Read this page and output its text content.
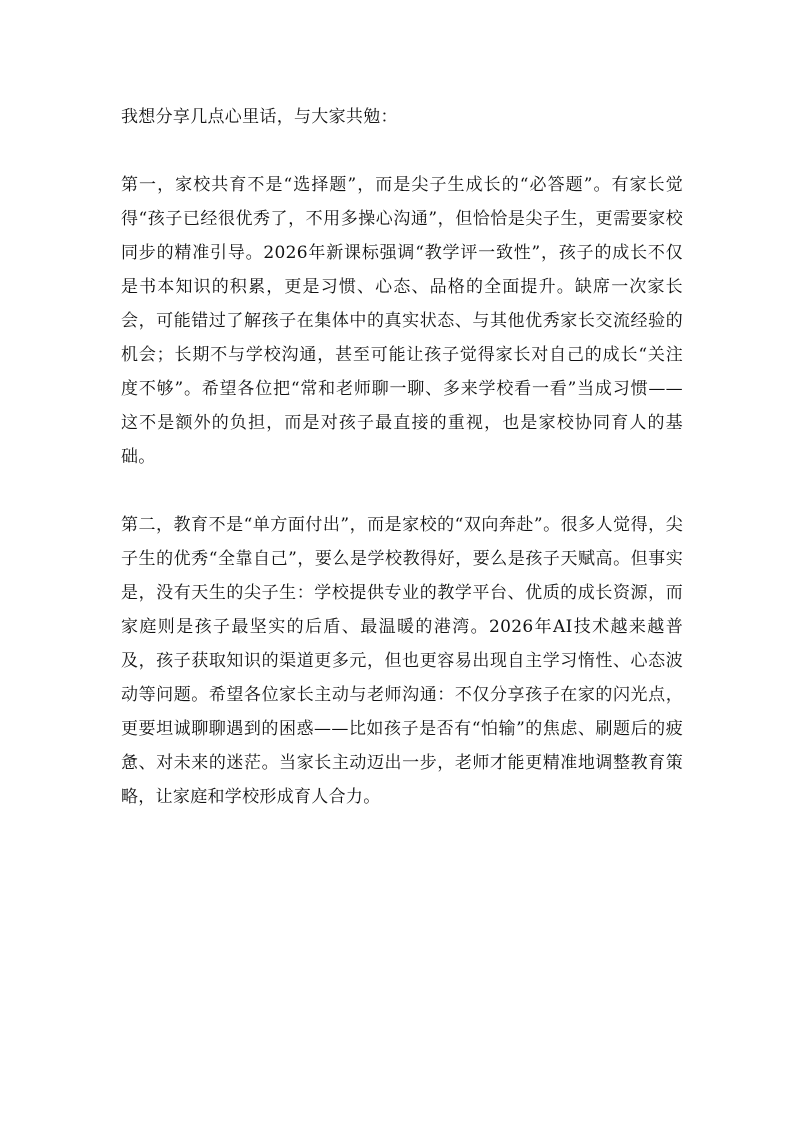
我想分享几点心里话，与大家共勉：

第一，家校共育不是“选择题”，而是尖子生成长的“必答题”。有家长觉得“孩子已经很优秀了，不用多操心沟通”，但恰恰是尖子生，更需要家校同步的精准引导。2026年新课标强调“教学评一致性”，孩子的成长不仅是书本知识的积累，更是习惯、心态、品格的全面提升。缺席一次家长会，可能错过了解孩子在集体中的真实状态、与其他优秀家长交流经验的机会；长期不与学校沟通，甚至可能让孩子觉得家长对自己的成长“关注度不够”。希望各位把“常和老师聊一聊、多来学校看一看”当成习惯——这不是额外的负担，而是对孩子最直接的重视，也是家校协同育人的基础。

第二，教育不是“单方面付出”，而是家校的“双向奔赴”。很多人觉得，尖子生的优秀“全靠自己”，要么是学校教得好，要么是孩子天赋高。但事实是，没有天生的尖子生：学校提供专业的教学平台、优质的成长资源，而家庭则是孩子最坚实的后盾、最温暖的港湾。2026年AI技术越来越普及，孩子获取知识的渠道更多元，但也更容易出现自主学习惰性、心态波动等问题。希望各位家长主动与老师沟通：不仅分享孩子在家的闪光点，更要坦诚聊聊遇到的困惑——比如孩子是否有“怕输”的焦虑、刷题后的疲惫、对未来的迷茫。当家长主动迈出一步，老师才能更精准地调整教育策略，让家庭和学校形成育人合力。
